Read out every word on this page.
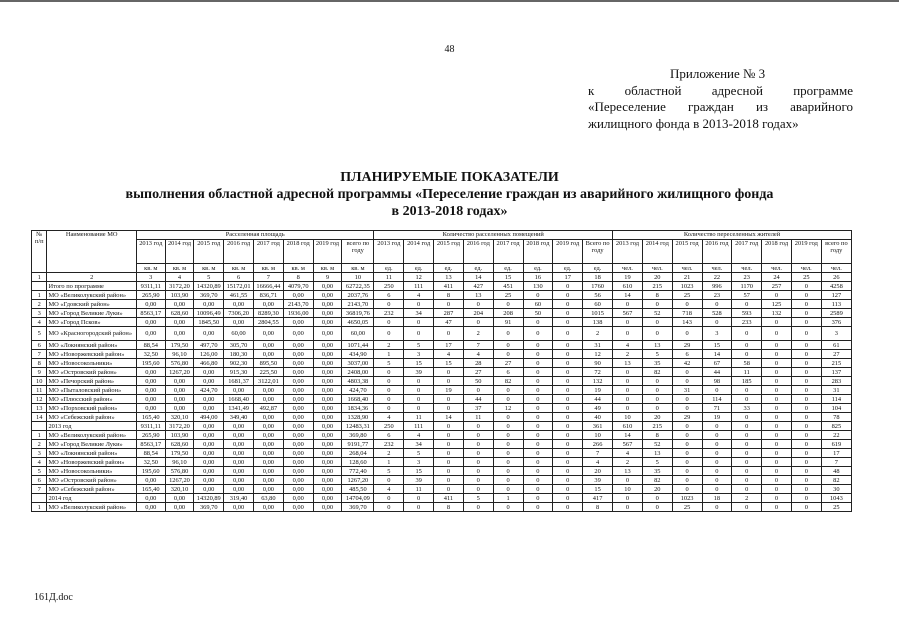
48
Приложение № 3
к областной адресной программе
«Переселение граждан из аварийного
жилищного фонда в 2013-2018 годах»
ПЛАНИРУЕМЫЕ ПОКАЗАТЕЛИ
выполнения областной адресной программы «Переселение граждан из аварийного жилищного фонда
в 2013-2018 годах»
№ п/п	Наименование МО	Расселенная площадь								Количество расселенных помещений								Количество переселенных жителей							
		2013 год	2014 год	2015 год	2016 год	2017 год	2018 год	2019 год	всего по году	2013 год	2014 год	2015 год	2016 год	2017 год	2018 год	2019 год	Всего по году	2013 год	2014 год	2015 год	2016 год	2017 год	2018 год	2019 год	всего по году
		кв. м	кв. м	кв. м	кв. м	кв. м	кв. м	кв. м	кв. м	ед.	ед.	ед.	ед.	ед.	ед.	ед.	ед.	чел.	чел.	чел.	чел.	чел.	чел.	чел.	чел.
1	2	3	4	5	6	7	8	9	10	11	12	13	14	15	16	17	18	19	20	21	22	23	24	25	26
	Итого по программе	9311,11	3172,20	14320,89	15172,01	16666,44	4079,70	0,00	62722,35	250	111	411	427	451	130	0	1760	610	215	1023	996	1170	257	0	4258
1	МО «Великолукский район»	265,90	103,90	369,70	461,55	836,71	0,00	0,00	2037,76	6	4	8	13	25	0	0	56	14	8	25	23	57	0	0	127
2	МО «Гдовский район»	0,00	0,00	0,00	0,00	0,00	2143,70	0,00	2143,70	0	0	0	0	0	60	0	60	0	0	0	0	0	125	0	113
3	МО «Город Великие Луки»	8563,17	628,60	10096,49	7306,20	8289,30	1936,00	0,00	36819,76	232	34	287	204	208	50	0	1015	567	52	718	528	593	132	0	2589
4	МО «Город Псков»	0,00	0,00	1845,50	0,00	2804,55	0,00	0,00	4650,05	0	0	47	0	91	0	0	138	0	0	143	0	233	0	0	376
5	МО «Красногородский район»	0,00	0,00	0,00	60,00	0,00	0,00	0,00	60,00	0	0	0	2	0	0	0	2	0	0	0	3	0	0	0	3
6	МО «Локнянский район»	88,54	179,50	497,70	305,70	0,00	0,00	0,00	1071,44	2	5	17	7	0	0	0	31	4	13	29	15	0	0	0	61
7	МО «Новоржевский район»	32,50	96,10	126,00	180,30	0,00	0,00	0,00	434,90	1	3	4	4	0	0	0	12	2	5	6	14	0	0	0	27
8	МО «Новосокольники»	195,60	576,80	466,80	902,30	895,50	0,00	0,00	3037,00	5	15	15	28	27	0	0	90	13	35	42	67	58	0	0	215
9	МО «Островский район»	0,00	1267,20	0,00	915,30	225,50	0,00	0,00	2408,00	0	39	0	27	6	0	0	72	0	82	0	44	11	0	0	137
10	МО «Печорский район»	0,00	0,00	0,00	1681,37	3122,01	0,00	0,00	4803,38	0	0	0	50	82	0	0	132	0	0	0	98	185	0	0	283
11	МО «Пыталовский район»	0,00	0,00	424,70	0,00	0,00	0,00	0,00	424,70	0	0	19	0	0	0	0	19	0	0	31	0	0	0	0	31
12	МО «Плюсский район»	0,00	0,00	0,00	1668,40	0,00	0,00	0,00	1668,40	0	0	0	44	0	0	0	44	0	0	0	114	0	0	0	114
13	МО «Порховский район»	0,00	0,00	0,00	1341,49	492,87	0,00	0,00	1834,36	0	0	0	37	12	0	0	49	0	0	0	71	33	0	0	104
14	МО «Себежский район»	165,40	320,10	494,00	349,40	0,00	0,00	0,00	1328,90	4	11	14	11	0	0	0	40	10	20	29	19	0	0	0	78
	2013 год	9311,11	3172,20	0,00	0,00	0,00	0,00	0,00	12483,31	250	111	0	0	0	0	0	361	610	215	0	0	0	0	0	825
1	МО «Великолукский район»	265,90	103,90	0,00	0,00	0,00	0,00	0,00	369,80	6	4	0	0	0	0	0	10	14	8	0	0	0	0	0	22
2	МО «Город Великие Луки»	8563,17	628,60	0,00	0,00	0,00	0,00	0,00	9191,77	232	34	0	0	0	0	0	266	567	52	0	0	0	0	0	619
3	МО «Локнянский район»	88,54	179,50	0,00	0,00	0,00	0,00	0,00	268,04	2	5	0	0	0	0	0	7	4	13	0	0	0	0	0	17
4	МО «Новоржевский район»	32,50	96,10	0,00	0,00	0,00	0,00	0,00	128,60	1	3	0	0	0	0	0	4	2	5	0	0	0	0	0	7
5	МО «Новосокольники»	195,60	576,80	0,00	0,00	0,00	0,00	0,00	772,40	5	15	0	0	0	0	0	20	13	35	0	0	0	0	0	48
6	МО «Островский район»	0,00	1267,20	0,00	0,00	0,00	0,00	0,00	1267,20	0	39	0	0	0	0	0	39	0	82	0	0	0	0	0	82
7	МО «Себежский район»	165,40	320,10	0,00	0,00	0,00	0,00	0,00	485,50	4	11	0	0	0	0	0	15	10	20	0	0	0	0	0	30
	2014 год	0,00	0,00	14320,89	319,40	63,80	0,00	0,00	14704,09	0	0	411	5	1	0	0	417	0	0	1023	18	2	0	0	1043
1	МО «Великолукский район»	0,00	0,00	369,70	0,00	0,00	0,00	0,00	369,70	0	0	8	0	0	0	0	8	0	0	25	0	0	0	0	25
161Д.doc
